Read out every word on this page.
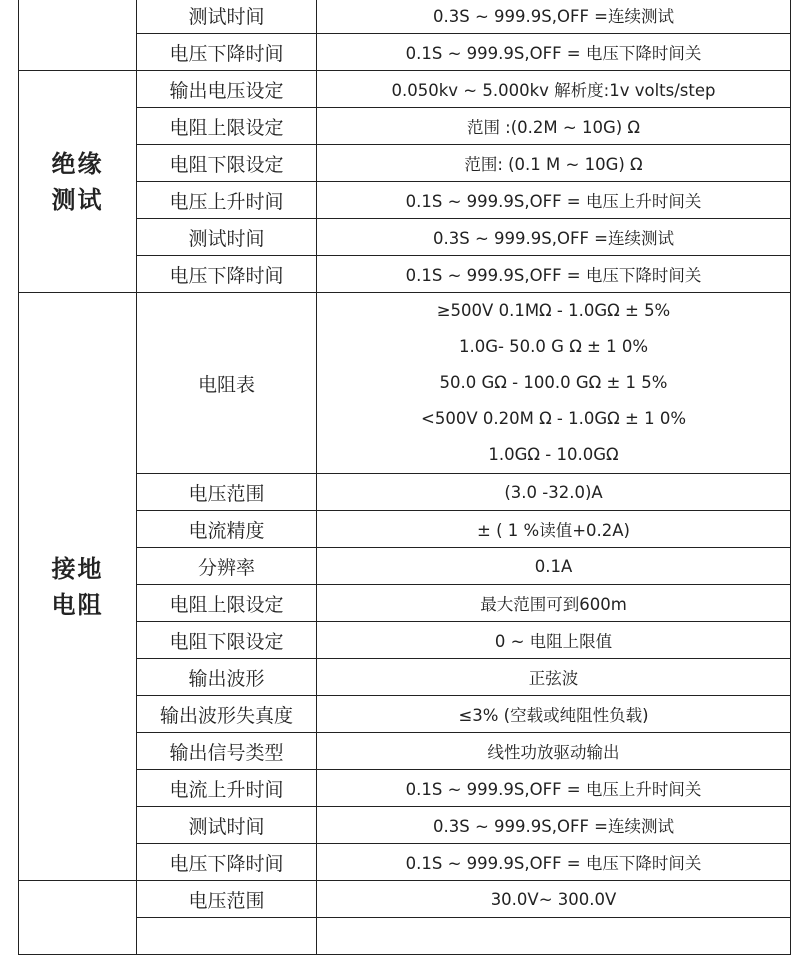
	测试时间	0.3S ~ 999.9S,OFF =连续测试
	电压下降时间	0.1S ~ 999.9S,OFF = 电压下降时间关

绝缘
测试	输出电压设定	0.050kv ~ 5.000kv 解析度:1v volts/step
	电阻上限设定	范围 :(0.2M ~ 10G) Ω
	电阻下限设定	范围: (0.1 M ~ 10G) Ω
	电压上升时间	0.1S ~ 999.9S,OFF = 电压上升时间关
	测试时间	0.3S ~ 999.9S,OFF =连续测试
	电压下降时间	0.1S ~ 999.9S,OFF = 电压下降时间关

接地
电阻	电阻表	≥500V 0.1MΩ - 1.0GΩ ± 5%
1.0G- 50.0 G Ω ± 1 0%
50.0 GΩ - 100.0 GΩ ± 1 5%
<500V 0.20M Ω - 1.0GΩ ± 1 0%
1.0GΩ - 10.0GΩ

	电压范围	(3.0 -32.0)A
	电流精度	± ( 1 %读值+0.2A)
	分辨率	0.1A
	电阻上限设定	最大范围可到600m
	电阻下限设定	0 ~ 电阻上限值
	输出波形	正弦波
	输出波形失真度	≤3% (空载或纯阻性负载)
	输出信号类型	线性功放驱动输出
	电流上升时间	0.1S ~ 999.9S,OFF = 电压上升时间关
	测试时间	0.3S ~ 999.9S,OFF =连续测试
	电压下降时间	0.1S ~ 999.9S,OFF = 电压下降时间关
	电压范围	30.0V~ 300.0V
